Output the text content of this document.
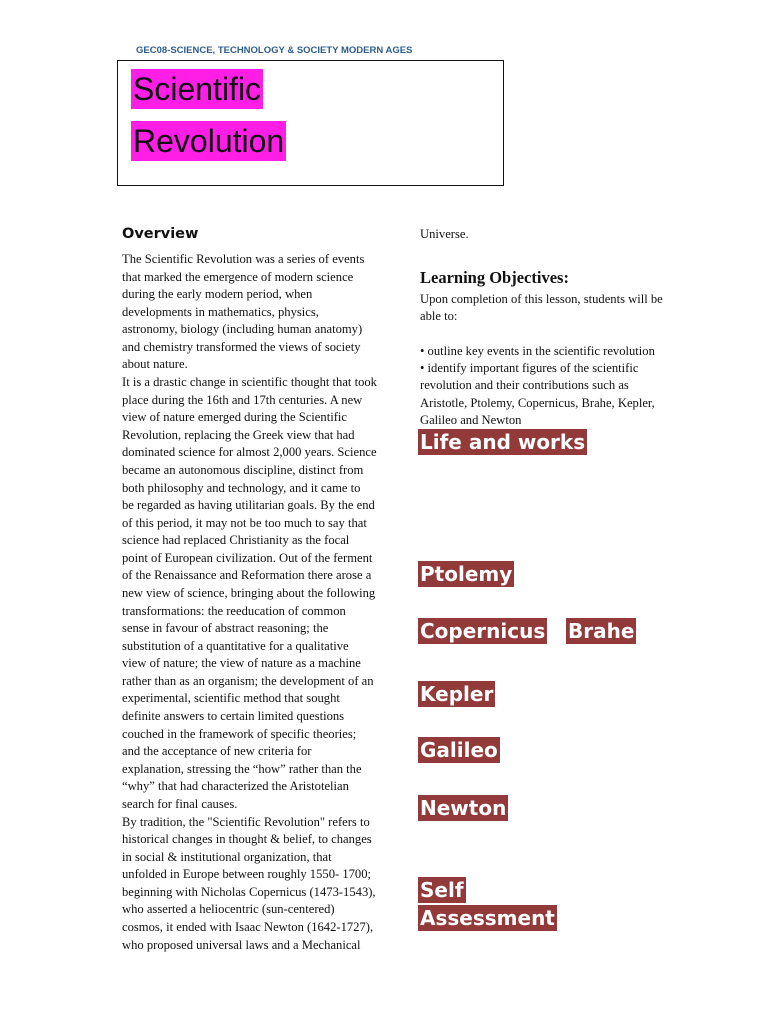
GEC08-SCIENCE, TECHNOLOGY & SOCIETY MODERN AGES
Scientific
Revolution
Overview
The Scientific Revolution was a series of events
that marked the emergence of modern science
during the early modern period, when
developments in mathematics, physics,
astronomy, biology (including human anatomy)
and chemistry transformed the views of society
about nature.
It is a drastic change in scientific thought that took
place during the 16th and 17th centuries. A new
view of nature emerged during the Scientific
Revolution, replacing the Greek view that had
dominated science for almost 2,000 years. Science
became an autonomous discipline, distinct from
both philosophy and technology, and it came to
be regarded as having utilitarian goals. By the end
of this period, it may not be too much to say that
science had replaced Christianity as the focal
point of European civilization. Out of the ferment
of the Renaissance and Reformation there arose a
new view of science, bringing about the following
transformations: the reeducation of common
sense in favour of abstract reasoning; the
substitution of a quantitative for a qualitative
view of nature; the view of nature as a machine
rather than as an organism; the development of an
experimental, scientific method that sought
definite answers to certain limited questions
couched in the framework of specific theories;
and the acceptance of new criteria for
explanation, stressing the “how” rather than the
“why” that had characterized the Aristotelian
search for final causes.
By tradition, the "Scientific Revolution" refers to
historical changes in thought & belief, to changes
in social & institutional organization, that
unfolded in Europe between roughly 1550- 1700;
beginning with Nicholas Copernicus (1473-1543),
who asserted a heliocentric (sun-centered)
cosmos, it ended with Isaac Newton (1642-1727),
who proposed universal laws and a Mechanical
Universe.
Learning Objectives:
Upon completion of this lesson, students will be
able to:
• outline key events in the scientific revolution
• identify important figures of the scientific
revolution and their contributions such as
Aristotle, Ptolemy, Copernicus, Brahe, Kepler,
Galileo and Newton
Life and works
Ptolemy
Copernicus Brahe
Kepler
Galileo
Newton
Self
Assessment
